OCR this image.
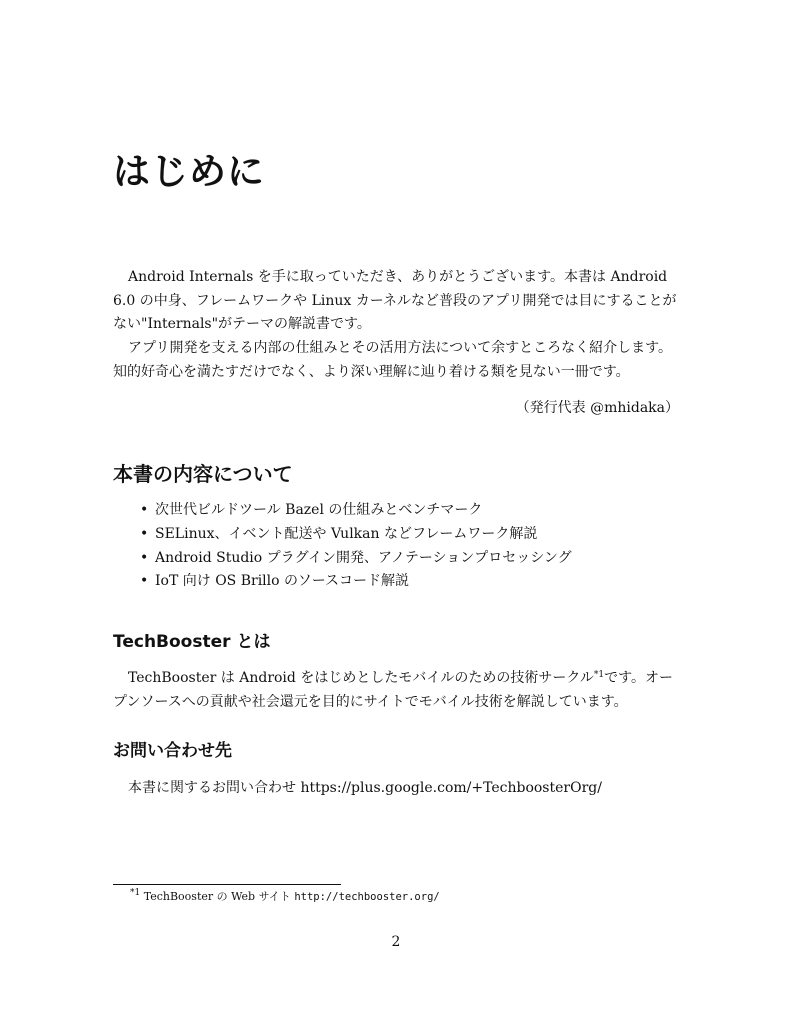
はじめに
Android Internals を手に取っていただき、ありがとうございます。本書は Android
6.0 の中身、フレームワークや Linux カーネルなど普段のアプリ開発では目にすることが
ない"Internals"がテーマの解説書です。
アプリ開発を支える内部の仕組みとその活用方法について余すところなく紹介します。
知的好奇心を満たすだけでなく、より深い理解に辿り着ける類を見ない一冊です。
（発行代表 @mhidaka）
本書の内容について
• 次世代ビルドツール Bazel の仕組みとベンチマーク
• SELinux、イベント配送や Vulkan などフレームワーク解説
• Android Studio プラグイン開発、アノテーションプロセッシング
• IoT 向け OS Brillo のソースコード解説
TechBooster とは
TechBooster は Android をはじめとしたモバイルのための技術サークル$^{*1}$です。オー
プンソースへの貢献や社会還元を目的にサイトでモバイル技術を解説しています。
お問い合わせ先
本書に関するお問い合わせ https://plus.google.com/+TechboosterOrg/
$^{*1}$ TechBooster の Web サイト http://techbooster.org/
2
